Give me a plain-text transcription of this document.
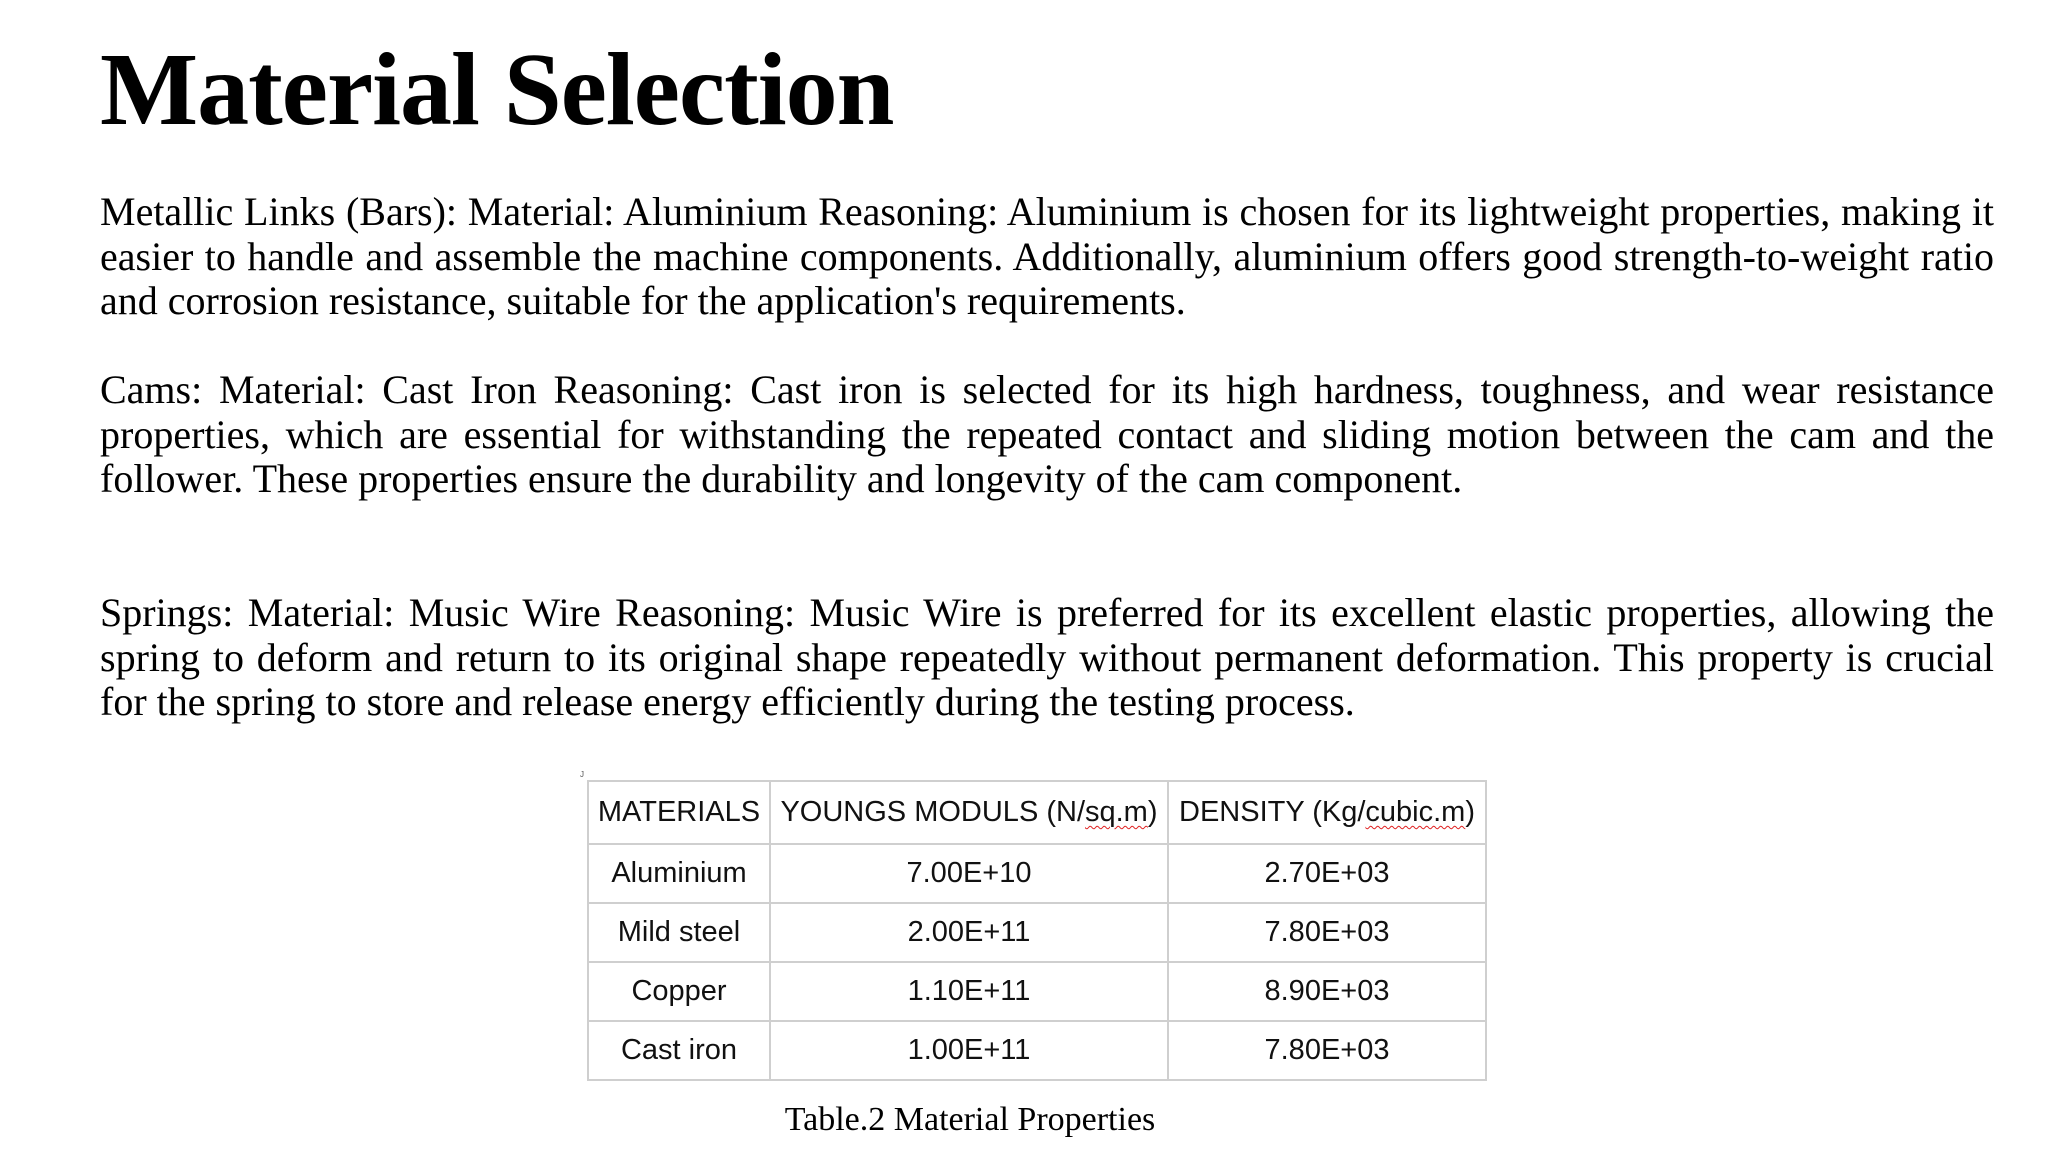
Material Selection

Metallic Links (Bars): Material: Aluminium Reasoning: Aluminium is chosen for its lightweight properties, making it easier to handle and assemble the machine components. Additionally, aluminium offers good strength-to-weight ratio and corrosion resistance, suitable for the application's requirements.

Cams: Material: Cast Iron Reasoning: Cast iron is selected for its high hardness, toughness, and wear resistance properties, which are essential for withstanding the repeated contact and sliding motion between the cam and the follower. These properties ensure the durability and longevity of the cam component.

Springs: Material: Music Wire Reasoning: Music Wire is preferred for its excellent elastic properties, allowing the spring to deform and return to its original shape repeatedly without permanent deformation. This property is crucial for the spring to store and release energy efficiently during the testing process.

J
MATERIALS	YOUNGS MODULS (N/sq.m)	DENSITY (Kg/cubic.m)
Aluminium	7.00E+10	2.70E+03
Mild steel	2.00E+11	7.80E+03
Copper	1.10E+11	8.90E+03
Cast iron	1.00E+11	7.80E+03
Table.2 Material Properties
